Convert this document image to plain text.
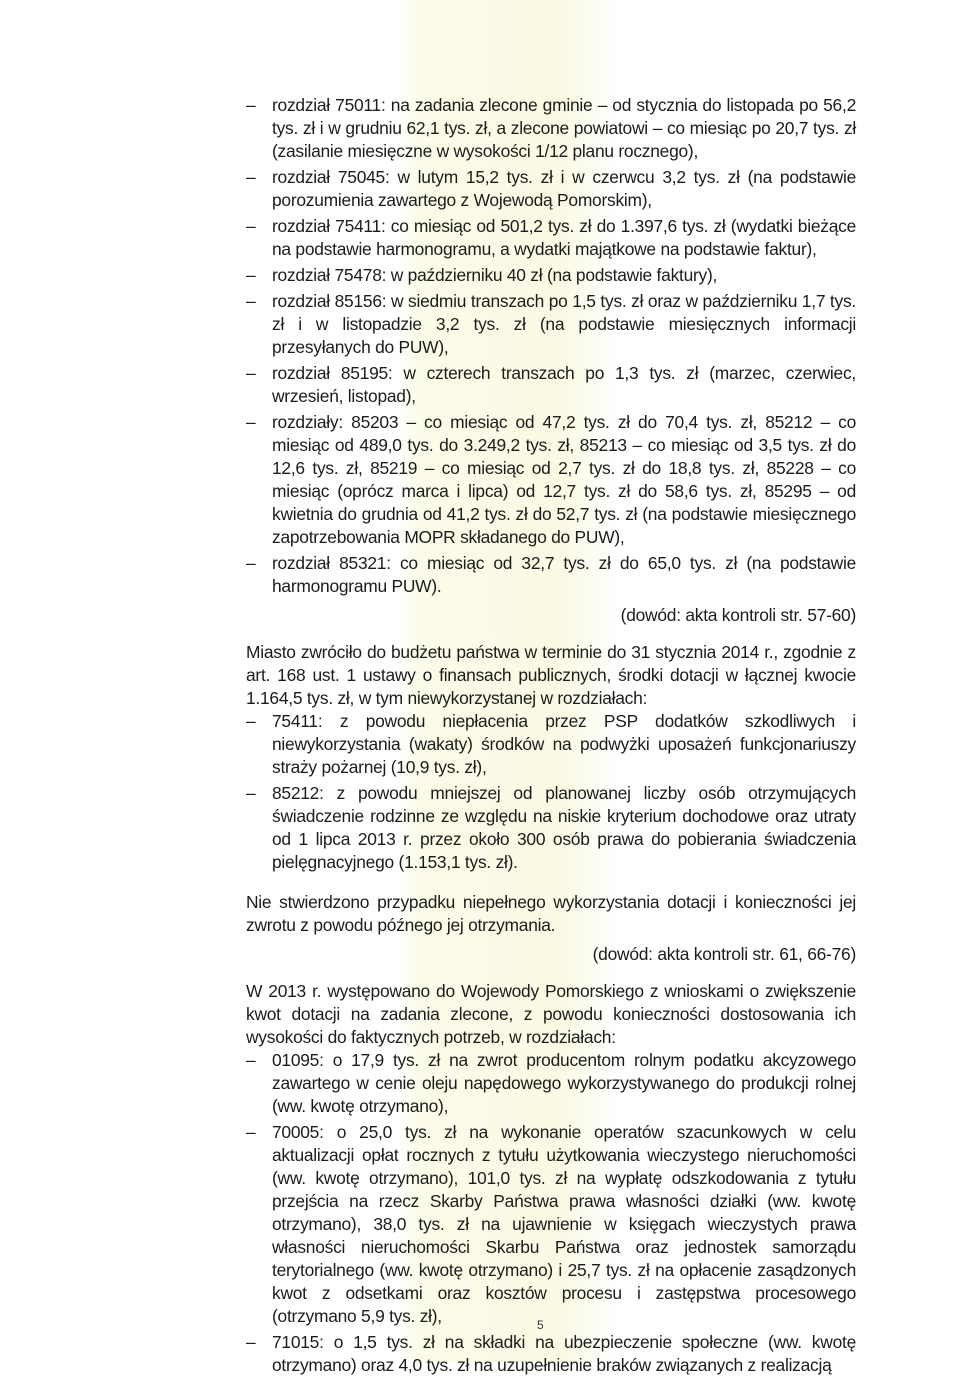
– rozdział 75011: na zadania zlecone gminie – od stycznia do listopada po 56,2 tys. zł i w grudniu 62,1 tys. zł, a zlecone powiatowi – co miesiąc po 20,7 tys. zł (zasilanie miesięczne w wysokości 1/12 planu rocznego),
– rozdział 75045: w lutym 15,2 tys. zł i w czerwcu 3,2 tys. zł (na podstawie porozumienia zawartego z Wojewodą Pomorskim),
– rozdział 75411: co miesiąc od 501,2 tys. zł do 1.397,6 tys. zł (wydatki bieżące na podstawie harmonogramu, a wydatki majątkowe na podstawie faktur),
– rozdział 75478: w październiku 40 zł (na podstawie faktury),
– rozdział 85156: w siedmiu transzach po 1,5 tys. zł oraz w październiku 1,7 tys. zł i w listopadzie 3,2 tys. zł (na podstawie miesięcznych informacji przesyłanych do PUW),
– rozdział 85195: w czterech transzach po 1,3 tys. zł (marzec, czerwiec, wrzesień, listopad),
– rozdziały: 85203 – co miesiąc od 47,2 tys. zł do 70,4 tys. zł, 85212 – co miesiąc od 489,0 tys. do 3.249,2 tys. zł, 85213 – co miesiąc od 3,5 tys. zł do 12,6 tys. zł, 85219 – co miesiąc od 2,7 tys. zł do 18,8 tys. zł, 85228 – co miesiąc (oprócz marca i lipca) od 12,7 tys. zł do 58,6 tys. zł, 85295 – od kwietnia do grudnia od 41,2 tys. zł do 52,7 tys. zł (na podstawie miesięcznego zapotrzebowania MOPR składanego do PUW),
– rozdział 85321: co miesiąc od 32,7 tys. zł do 65,0 tys. zł (na podstawie harmonogramu PUW).
(dowód: akta kontroli str. 57-60)

Miasto zwróciło do budżetu państwa w terminie do 31 stycznia 2014 r., zgodnie z art. 168 ust. 1 ustawy o finansach publicznych, środki dotacji w łącznej kwocie 1.164,5 tys. zł, w tym niewykorzystanej w rozdziałach:

– 75411: z powodu niepłacenia przez PSP dodatków szkodliwych i niewykorzystania (wakaty) środków na podwyżki uposażeń funkcjonariuszy straży pożarnej (10,9 tys. zł),
– 85212: z powodu mniejszej od planowanej liczby osób otrzymujących świadczenie rodzinne ze względu na niskie kryterium dochodowe oraz utraty od 1 lipca 2013 r. przez około 300 osób prawa do pobierania świadczenia pielęgnacyjnego (1.153,1 tys. zł).

Nie stwierdzono przypadku niepełnego wykorzystania dotacji i konieczności jej zwrotu z powodu późnego jej otrzymania.

(dowód: akta kontroli str. 61, 66-76)

W 2013 r. występowano do Wojewody Pomorskiego z wnioskami o zwiększenie kwot dotacji na zadania zlecone, z powodu konieczności dostosowania ich wysokości do faktycznych potrzeb, w rozdziałach:

– 01095: o 17,9 tys. zł na zwrot producentom rolnym podatku akcyzowego zawartego w cenie oleju napędowego wykorzystywanego do produkcji rolnej (ww. kwotę otrzymano),
– 70005: o 25,0 tys. zł na wykonanie operatów szacunkowych w celu aktualizacji opłat rocznych z tytułu użytkowania wieczystego nieruchomości (ww. kwotę otrzymano), 101,0 tys. zł na wypłatę odszkodowania z tytułu przejścia na rzecz Skarby Państwa prawa własności działki (ww. kwotę otrzymano), 38,0 tys. zł na ujawnienie w księgach wieczystych prawa własności nieruchomości Skarbu Państwa oraz jednostek samorządu terytorialnego (ww. kwotę otrzymano) i 25,7 tys. zł na opłacenie zasądzonych kwot z odsetkami oraz kosztów procesu i zastępstwa procesowego (otrzymano 5,9 tys. zł),
– 71015: o 1,5 tys. zł na składki na ubezpieczenie społeczne (ww. kwotę otrzymano) oraz 4,0 tys. zł na uzupełnienie braków związanych z realizacją
5
